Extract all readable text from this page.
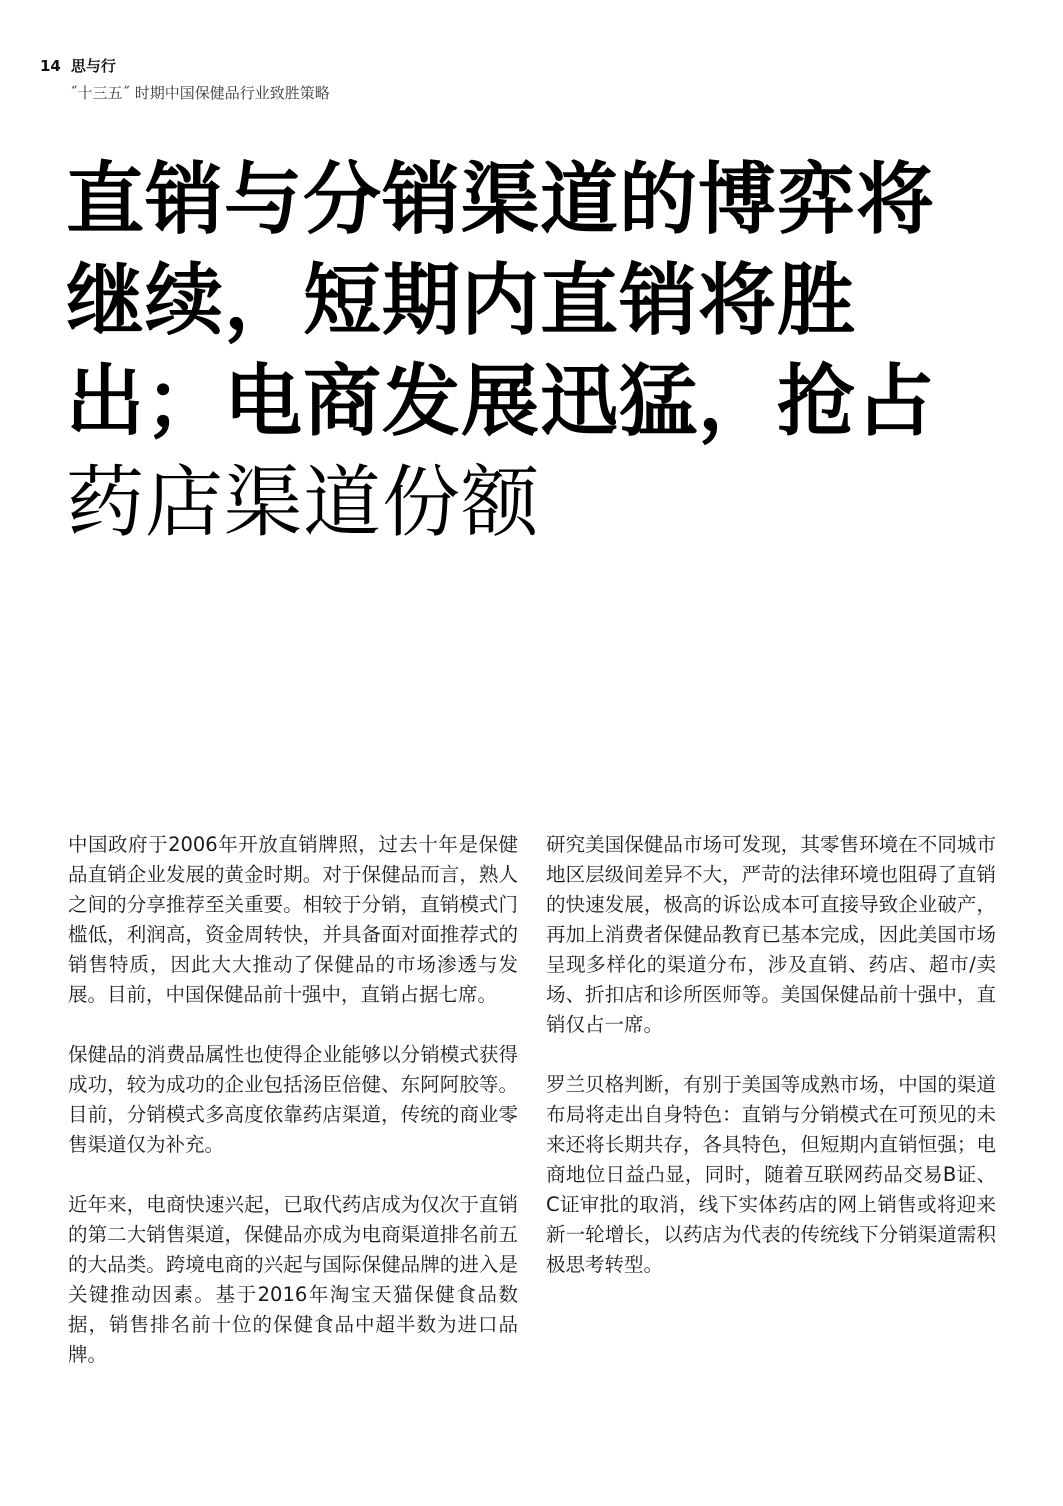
14 思与行
˝十三五˝ 时期中国保健品行业致胜策略
直销与分销渠道的博弈将
继续，短期内直销将胜
出；电商发展迅猛，抢占
药店渠道份额

中国政府于2006年开放直销牌照，过去十年是保健品直销企业发展的黄金时期。对于保健品而言，熟人之间的分享推荐至关重要。相较于分销，直销模式门槛低，利润高，资金周转快，并具备面对面推荐式的销售特质，因此大大推动了保健品的市场渗透与发展。目前，中国保健品前十强中，直销占据七席。

保健品的消费品属性也使得企业能够以分销模式获得成功，较为成功的企业包括汤臣倍健、东阿阿胶等。目前，分销模式多高度依靠药店渠道，传统的商业零售渠道仅为补充。

近年来，电商快速兴起，已取代药店成为仅次于直销的第二大销售渠道，保健品亦成为电商渠道排名前五的大品类。跨境电商的兴起与国际保健品牌的进入是关键推动因素。基于2016年淘宝天猫保健食品数据，销售排名前十位的保健食品中超半数为进口品牌。

研究美国保健品市场可发现，其零售环境在不同城市地区层级间差异不大，严苛的法律环境也阻碍了直销的快速发展，极高的诉讼成本可直接导致企业破产，再加上消费者保健品教育已基本完成，因此美国市场呈现多样化的渠道分布，涉及直销、药店、超市/卖场、折扣店和诊所医师等。美国保健品前十强中，直销仅占一席。

罗兰贝格判断，有别于美国等成熟市场，中国的渠道布局将走出自身特色：直销与分销模式在可预见的未来还将长期共存，各具特色，但短期内直销恒强；电商地位日益凸显，同时，随着互联网药品交易B证、C证审批的取消，线下实体药店的网上销售或将迎来新一轮增长，以药店为代表的传统线下分销渠道需积极思考转型。
